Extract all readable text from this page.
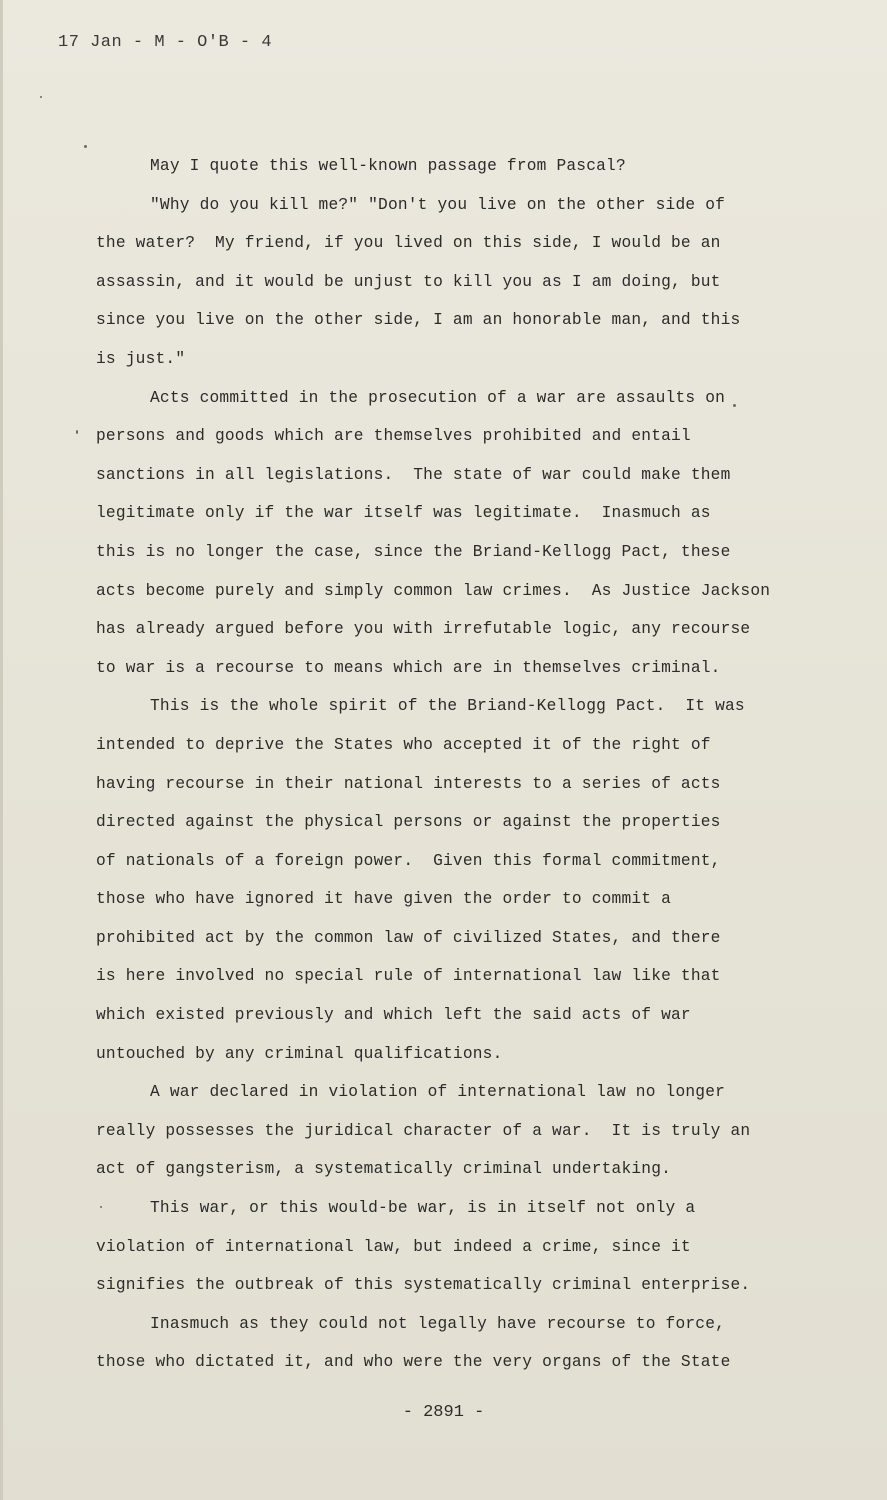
17 Jan - M - O'B - 4
May I quote this well-known passage from Pascal?
"Why do you kill me?" "Don't you live on the other side of
the water?  My friend, if you lived on this side, I would be an
assassin, and it would be unjust to kill you as I am doing, but
since you live on the other side, I am an honorable man, and this
is just."
Acts committed in the prosecution of a war are assaults on
persons and goods which are themselves prohibited and entail
sanctions in all legislations.  The state of war could make them
legitimate only if the war itself was legitimate.  Inasmuch as
this is no longer the case, since the Briand-Kellogg Pact, these
acts become purely and simply common law crimes.  As Justice Jackson
has already argued before you with irrefutable logic, any recourse
to war is a recourse to means which are in themselves criminal.
This is the whole spirit of the Briand-Kellogg Pact.  It was
intended to deprive the States who accepted it of the right of
having recourse in their national interests to a series of acts
directed against the physical persons or against the properties
of nationals of a foreign power.  Given this formal commitment,
those who have ignored it have given the order to commit a
prohibited act by the common law of civilized States, and there
is here involved no special rule of international law like that
which existed previously and which left the said acts of war
untouched by any criminal qualifications.
A war declared in violation of international law no longer
really possesses the juridical character of a war.  It is truly an
act of gangsterism, a systematically criminal undertaking.
This war, or this would-be war, is in itself not only a
violation of international law, but indeed a crime, since it
signifies the outbreak of this systematically criminal enterprise.
Inasmuch as they could not legally have recourse to force,
those who dictated it, and who were the very organs of the State
- 2891 -
